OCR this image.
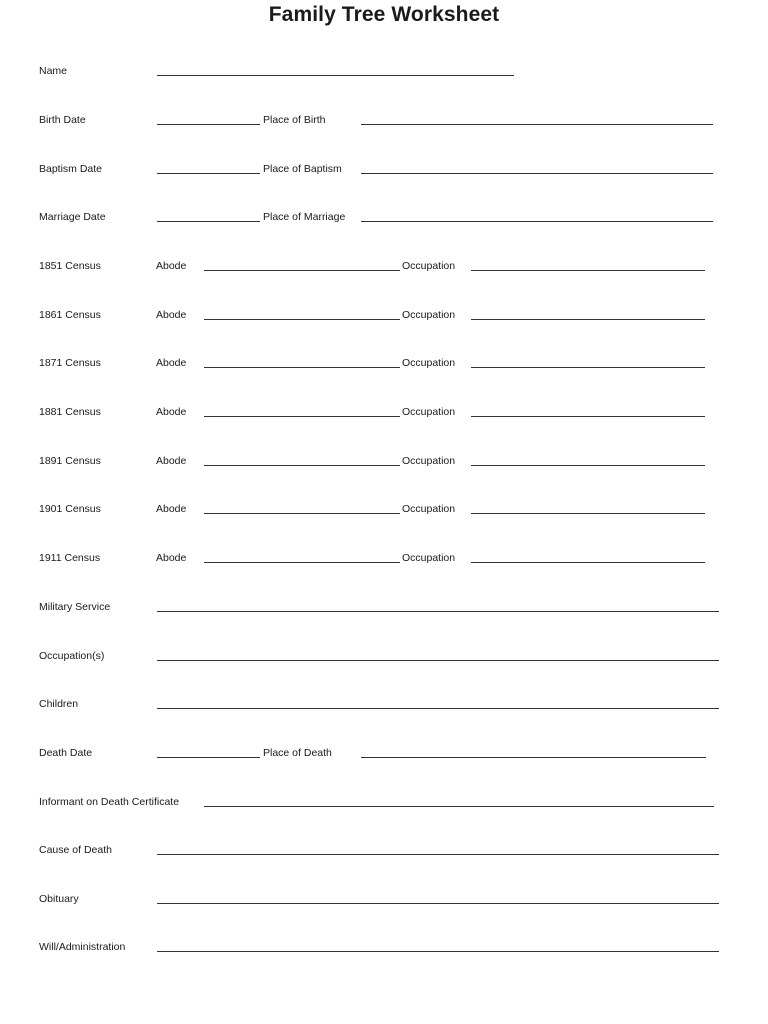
Family Tree Worksheet
Name
Birth Date	Place of Birth
Baptism Date	Place of Baptism
Marriage Date	Place of Marriage
1851 Census	Abode	Occupation
1861 Census	Abode	Occupation
1871 Census	Abode	Occupation
1881 Census	Abode	Occupation
1891 Census	Abode	Occupation
1901 Census	Abode	Occupation
1911 Census	Abode	Occupation
Military Service
Occupation(s)
Children
Death Date	Place of Death
Informant on Death Certificate
Cause of Death
Obituary
Will/Administration
